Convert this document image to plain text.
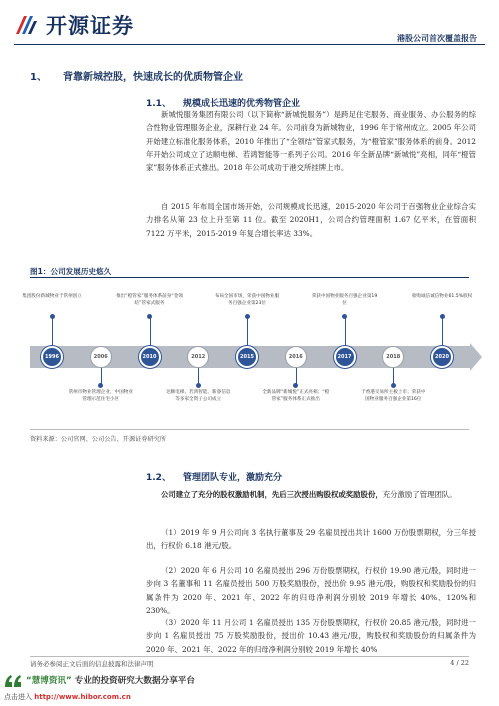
开源证券
港股公司首次覆盖报告
1、 背靠新城控股，快速成长的优质物管企业
1.1、 规模成长迅速的优秀物管企业

新城悦服务集团有限公司（以下简称“新城悦服务”）是跨足住宅服务、商业服务、办公服务的综合性物业管理服务企业，深耕行业 24 年。公司前身为新城物业，1996 年于常州成立。2005 年公司开始建立标准化服务体系，2010 年推出了“全领结”管家式服务，为“橙管家”服务体系的前身。2012 年开始公司成立了达顺电梯、若鸿智能等一系列子公司。2016 年全新品牌“新城悦”亮相，同年“橙管家”服务体系正式推出。2018 年公司成功于港交所挂牌上市。

自 2015 年布局全国市场开始，公司规模成长迅速，2015-2020 年公司于百强物业企业综合实力排名从第 23 位上升至第 11 位。截至 2020H1，公司合约管理面积 1.67 亿平米，在管面积 7122 万平米，2015-2019 年复合增长率达 33%。

图1：公司发展历史悠久
1996	2006	2010	2012	2015	2016	2017	2018	2020
集团股份新城物业于常州创立	推出“橙管家”服务体系前身“金领结”管家式服务
布局全国市场，荣获中国物业服务百强企业第23位
荣获中国物业服务百强企业第19位
收购诚信诚信物业61.5%股权
常州市物业管理企业，中国物业管理示范住宅小区
达顺电梯、若鸿智能、新睿信息等多家全资子公司成立
全新品牌“新城悦”正式亮相；“橙管家”服务体系正式推出
于香港交易所主板上市；荣获中国物业服务百强企业第16位
资料来源：公司官网、公司公告、开源证券研究所
1.2、 管理团队专业，激励充分

公司建立了充分的股权激励机制，先后三次授出购股权或奖励股份，充分激励了管理团队。

（1）2019 年 9 月公司向 3 名执行董事及 29 名雇员授出共计 1600 万份股票期权，分三年授出，行权价 6.18 港元/股。

（2）2020 年 6 月公司 10 名雇员授出 296 万份股票期权，行权价 19.90 港元/股，同时进一步向 3 名董事和 11 名雇员授出 500 万股奖励股份，授出价 9.95 港元/股，购股权和奖励股份的归属条件为 2020 年、2021 年、2022 年的归母净利润分别较 2019 年增长 40%、120%和 230%。

（3）2020 年 11 月公司 1 名雇员授出 135 万份股票期权，行权价 20.85 港元/股，同时进一步向 1 名雇员授出 75 万股奖励股份，授出价 10.43 港元/股，购股权和奖励股份的归属条件为 2020 年、2021 年、2022 年的归母净利润分别较 2019 年增长 40%

请务必参阅正文后面的信息披露和法律声明	4 / 22
“慧博资讯” 专业的投资研究大数据分享平台
点击进入 http://www.hibor.com.cn
